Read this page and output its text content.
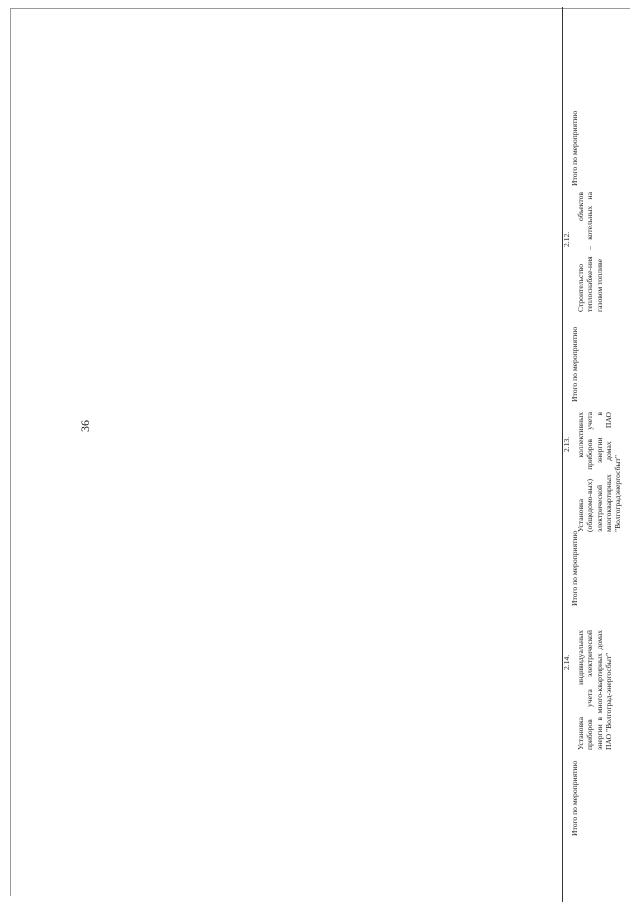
36
Итого по мероприятию
2.12. Строительство объектов теплоснабже-ния – котельных на газовом топливе
Итого по мероприятию
2.13. Установка коллективных (общедомо-вых) приборов учета электрической энергии в многоквартирных домах ПАО "Волгоградэнергосбыт"
Итого по мероприятию
2.14. Установка индивидуальных приборов учета электрической энергии в много-квартирных домах ПАО "Волгоград-энергосбыт"
Итого по мероприятию
